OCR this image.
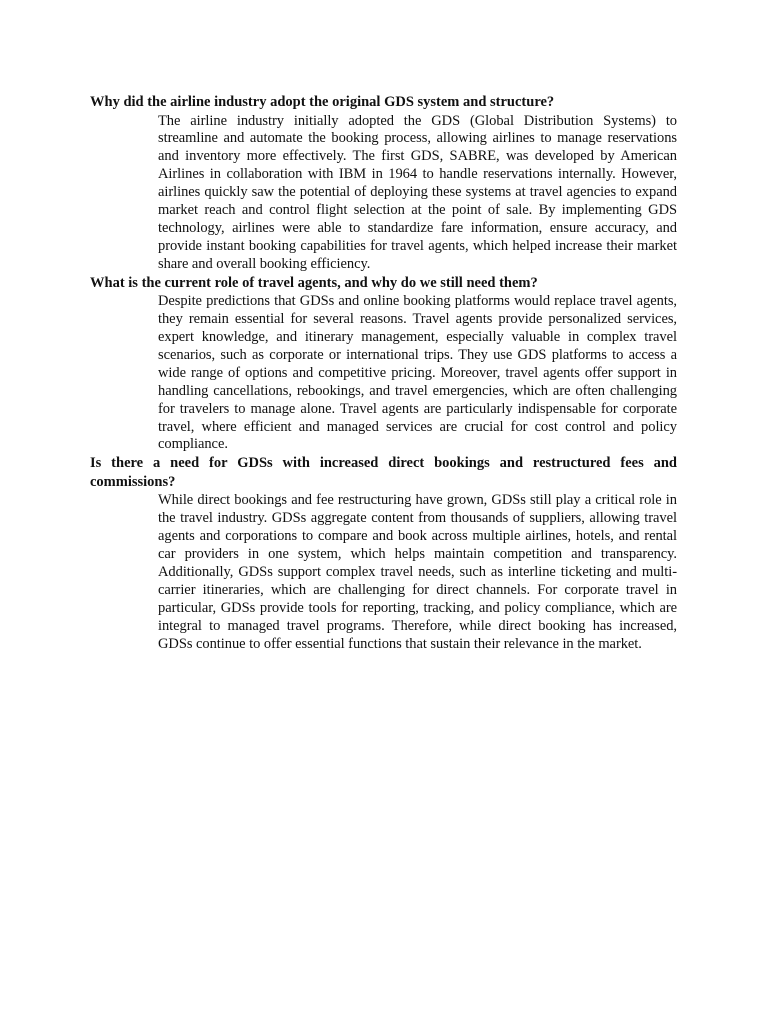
Why did the airline industry adopt the original GDS system and structure?

The airline industry initially adopted the GDS (Global Distribution Systems) to streamline and automate the booking process, allowing airlines to manage reservations and inventory more effectively. The first GDS, SABRE, was developed by American Airlines in collaboration with IBM in 1964 to handle reservations internally. However, airlines quickly saw the potential of deploying these systems at travel agencies to expand market reach and control flight selection at the point of sale. By implementing GDS technology, airlines were able to standardize fare information, ensure accuracy, and provide instant booking capabilities for travel agents, which helped increase their market share and overall booking efficiency.

What is the current role of travel agents, and why do we still need them?

Despite predictions that GDSs and online booking platforms would replace travel agents, they remain essential for several reasons. Travel agents provide personalized services, expert knowledge, and itinerary management, especially valuable in complex travel scenarios, such as corporate or international trips. They use GDS platforms to access a wide range of options and competitive pricing. Moreover, travel agents offer support in handling cancellations, rebookings, and travel emergencies, which are often challenging for travelers to manage alone. Travel agents are particularly indispensable for corporate travel, where efficient and managed services are crucial for cost control and policy compliance.

Is there a need for GDSs with increased direct bookings and restructured fees and commissions?

While direct bookings and fee restructuring have grown, GDSs still play a critical role in the travel industry. GDSs aggregate content from thousands of suppliers, allowing travel agents and corporations to compare and book across multiple airlines, hotels, and rental car providers in one system, which helps maintain competition and transparency. Additionally, GDSs support complex travel needs, such as interline ticketing and multi-carrier itineraries, which are challenging for direct channels. For corporate travel in particular, GDSs provide tools for reporting, tracking, and policy compliance, which are integral to managed travel programs. Therefore, while direct booking has increased, GDSs continue to offer essential functions that sustain their relevance in the market.
